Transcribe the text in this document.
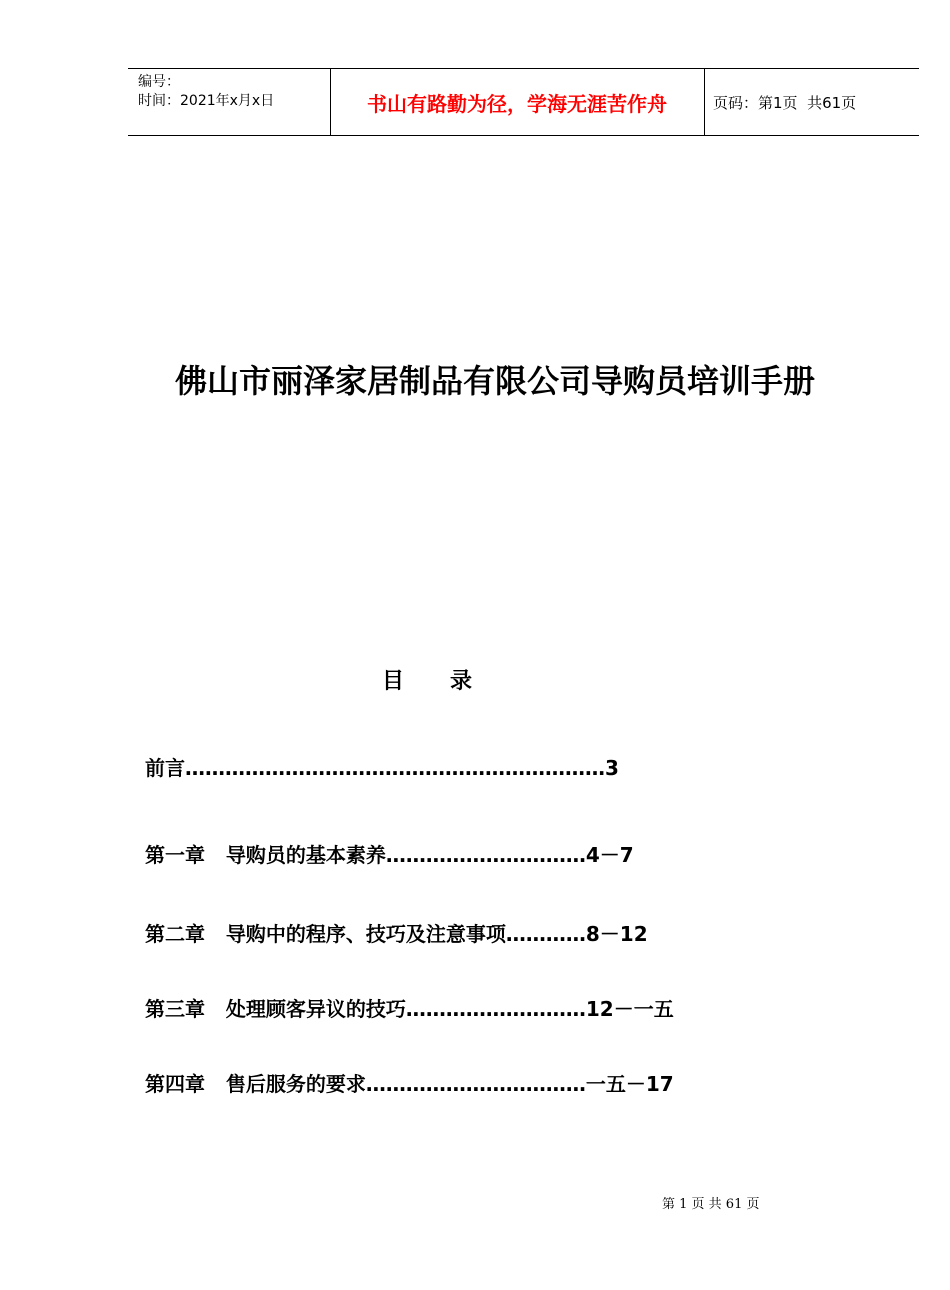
编号：
时间：2021年x月x日	书山有路勤为径，学海无涯苦作舟	页码：第1页  共61页
佛山市丽泽家居制品有限公司导购员培训手册
目      录
前言………………………………………………………3
第一章   导购员的基本素养…………………………4－7
第二章   导购中的程序、技巧及注意事项…………8－12
第三章   处理顾客异议的技巧………………………12－一五
第四章   售后服务的要求……………………………一五－17
第 1 页 共 61 页
